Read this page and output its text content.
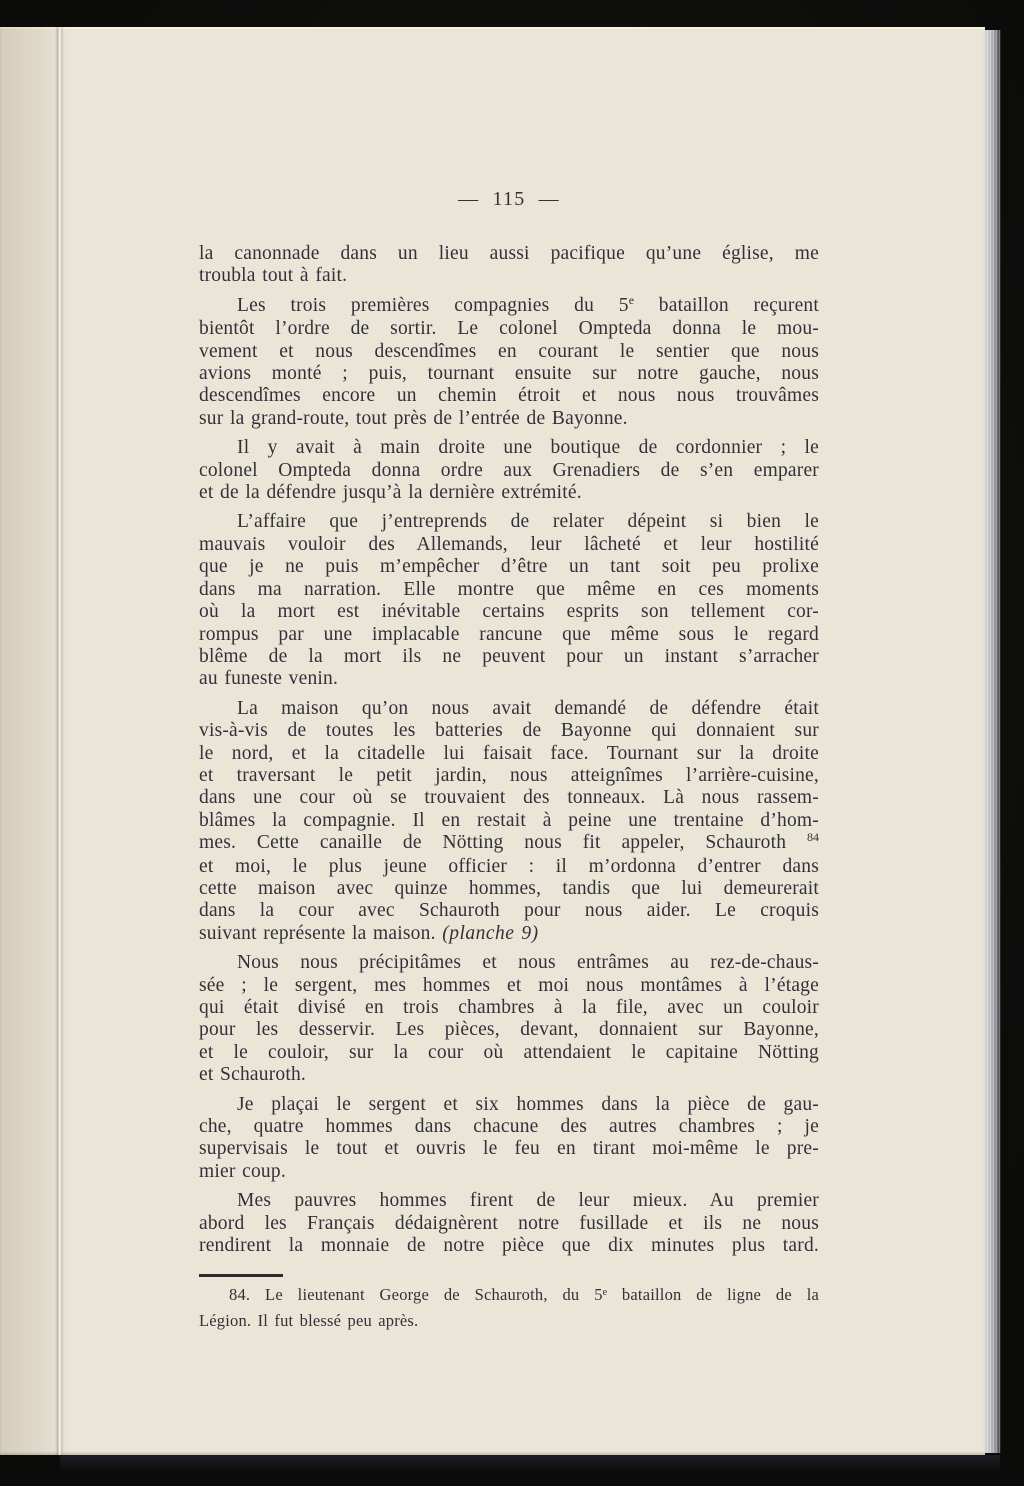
— 115 —
la canonnade dans un lieu aussi pacifique qu’une église, me
troubla tout à fait.
Les trois premières compagnies du 5e bataillon reçurent
bientôt l’ordre de sortir. Le colonel Ompteda donna le mou-
vement et nous descendîmes en courant le sentier que nous
avions monté ; puis, tournant ensuite sur notre gauche, nous
descendîmes encore un chemin étroit et nous nous trouvâmes
sur la grand-route, tout près de l’entrée de Bayonne.
Il y avait à main droite une boutique de cordonnier ; le
colonel Ompteda donna ordre aux Grenadiers de s’en emparer
et de la défendre jusqu’à la dernière extrémité.
L’affaire que j’entreprends de relater dépeint si bien le
mauvais vouloir des Allemands, leur lâcheté et leur hostilité
que je ne puis m’empêcher d’être un tant soit peu prolixe
dans ma narration. Elle montre que même en ces moments
où la mort est inévitable certains esprits son tellement cor-
rompus par une implacable rancune que même sous le regard
blême de la mort ils ne peuvent pour un instant s’arracher
au funeste venin.
La maison qu’on nous avait demandé de défendre était
vis-à-vis de toutes les batteries de Bayonne qui donnaient sur
le nord, et la citadelle lui faisait face. Tournant sur la droite
et traversant le petit jardin, nous atteignîmes l’arrière-cuisine,
dans une cour où se trouvaient des tonneaux. Là nous rassem-
blâmes la compagnie. Il en restait à peine une trentaine d’hom-
mes. Cette canaille de Nötting nous fit appeler, Schauroth $^{84}$
et moi, le plus jeune officier : il m’ordonna d’entrer dans
cette maison avec quinze hommes, tandis que lui demeurerait
dans la cour avec Schauroth pour nous aider. Le croquis
suivant représente la maison. (planche 9)
Nous nous précipitâmes et nous entrâmes au rez-de-chaus-
sée ; le sergent, mes hommes et moi nous montâmes à l’étage
qui était divisé en trois chambres à la file, avec un couloir
pour les desservir. Les pièces, devant, donnaient sur Bayonne,
et le couloir, sur la cour où attendaient le capitaine Nötting
et Schauroth.
Je plaçai le sergent et six hommes dans la pièce de gau-
che, quatre hommes dans chacune des autres chambres ; je
supervisais le tout et ouvris le feu en tirant moi-même le pre-
mier coup.
Mes pauvres hommes firent de leur mieux. Au premier
abord les Français dédaignèrent notre fusillade et ils ne nous
rendirent la monnaie de notre pièce que dix minutes plus tard.
84. Le lieutenant George de Schauroth, du 5e bataillon de ligne de la
Légion. Il fut blessé peu après.
